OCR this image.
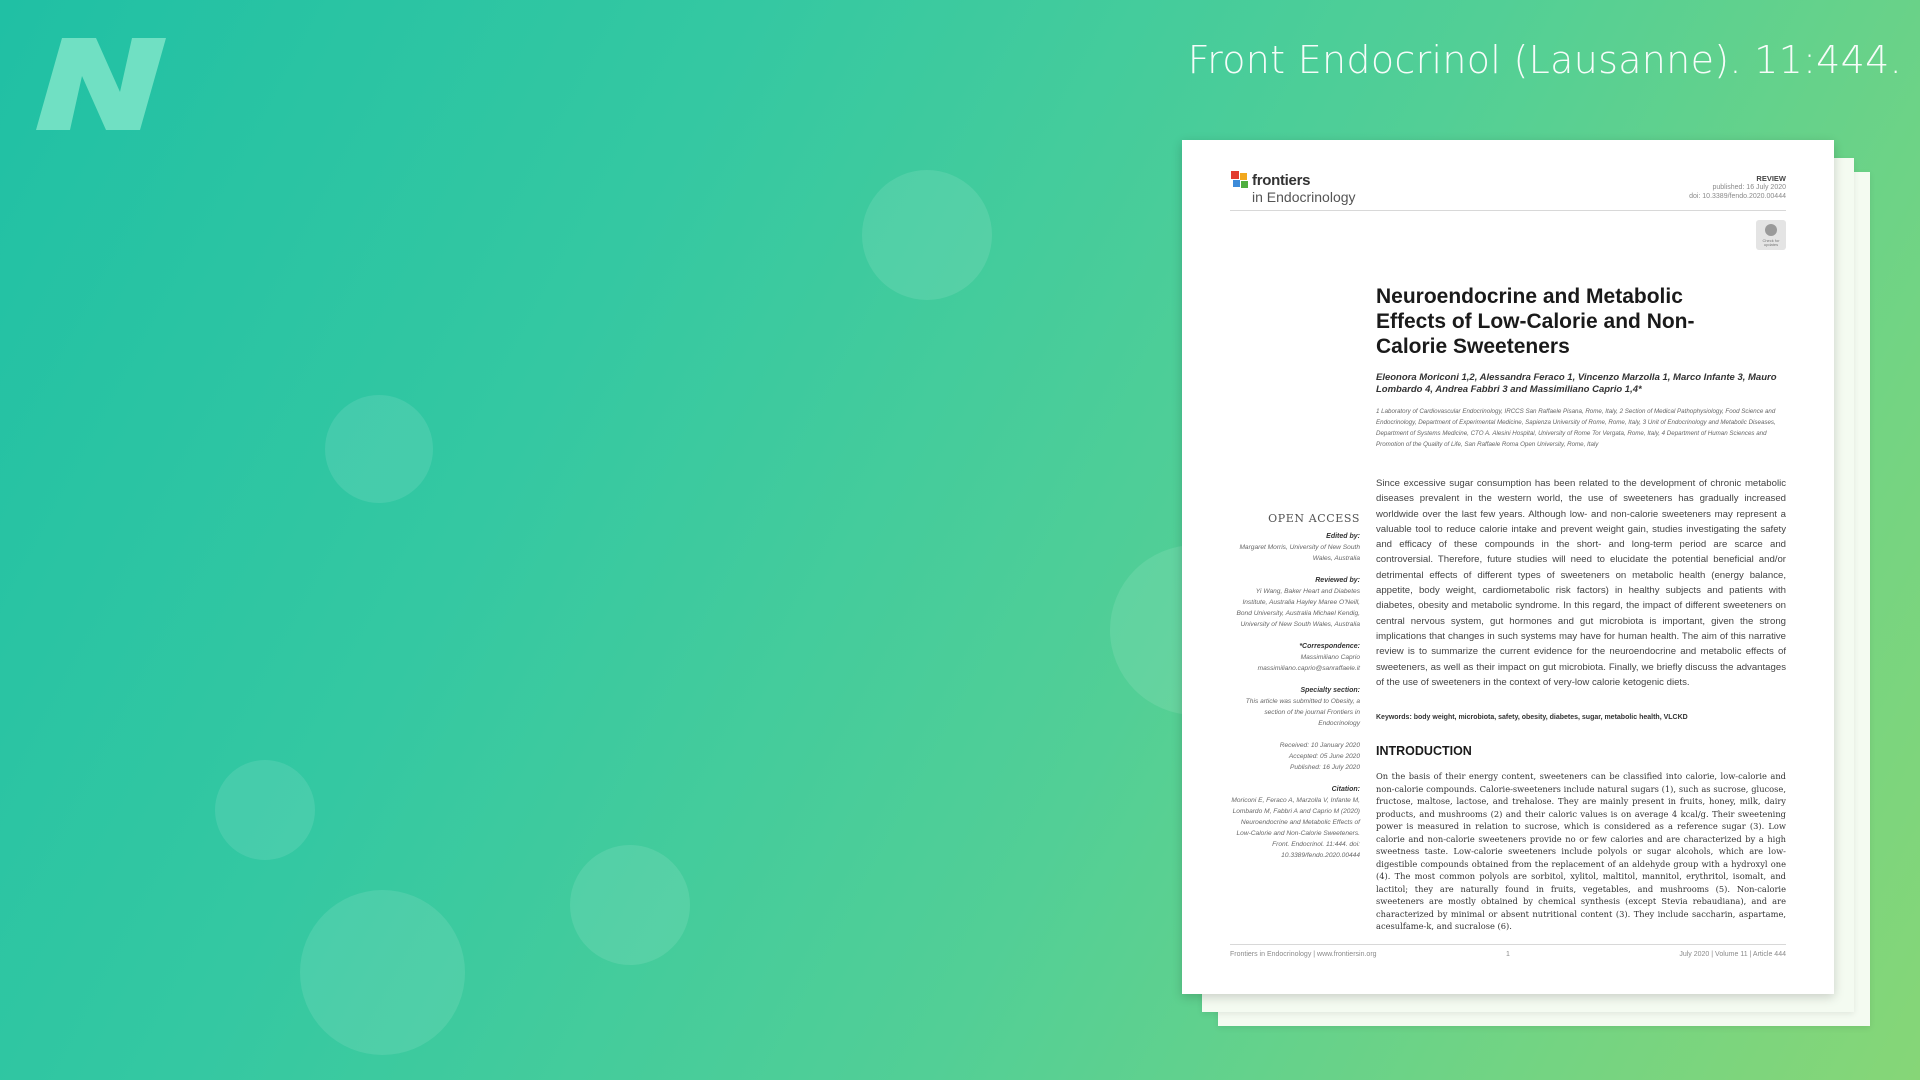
Front Endocrinol (Lausanne). 11:444.
frontiers
in Endocrinology
REVIEW
published: 16 July 2020
doi: 10.3389/fendo.2020.00444
Check for updates
Neuroendocrine and Metabolic Effects of Low-Calorie and Non-Calorie Sweeteners
Eleonora Moriconi 1,2, Alessandra Feraco 1, Vincenzo Marzolla 1, Marco Infante 3, Mauro Lombardo 4, Andrea Fabbri 3 and Massimiliano Caprio 1,4*
1 Laboratory of Cardiovascular Endocrinology, IRCCS San Raffaele Pisana, Rome, Italy, 2 Section of Medical Pathophysiology, Food Science and Endocrinology, Department of Experimental Medicine, Sapienza University of Rome, Rome, Italy, 3 Unit of Endocrinology and Metabolic Diseases, Department of Systems Medicine, CTO A. Alesini Hospital, University of Rome Tor Vergata, Rome, Italy, 4 Department of Human Sciences and Promotion of the Quality of Life, San Raffaele Roma Open University, Rome, Italy
Since excessive sugar consumption has been related to the development of chronic metabolic diseases prevalent in the western world, the use of sweeteners has gradually increased worldwide over the last few years. Although low- and non-calorie sweeteners may represent a valuable tool to reduce calorie intake and prevent weight gain, studies investigating the safety and efficacy of these compounds in the short- and long-term period are scarce and controversial. Therefore, future studies will need to elucidate the potential beneficial and/or detrimental effects of different types of sweeteners on metabolic health (energy balance, appetite, body weight, cardiometabolic risk factors) in healthy subjects and patients with diabetes, obesity and metabolic syndrome. In this regard, the impact of different sweeteners on central nervous system, gut hormones and gut microbiota is important, given the strong implications that changes in such systems may have for human health. The aim of this narrative review is to summarize the current evidence for the neuroendocrine and metabolic effects of sweeteners, as well as their impact on gut microbiota. Finally, we briefly discuss the advantages of the use of sweeteners in the context of very-low calorie ketogenic diets.
Keywords: body weight, microbiota, safety, obesity, diabetes, sugar, metabolic health, VLCKD
INTRODUCTION
On the basis of their energy content, sweeteners can be classified into calorie, low-calorie and non-calorie compounds. Calorie-sweeteners include natural sugars (1), such as sucrose, glucose, fructose, maltose, lactose, and trehalose. They are mainly present in fruits, honey, milk, dairy products, and mushrooms (2) and their caloric values is on average 4 kcal/g. Their sweetening power is measured in relation to sucrose, which is considered as a reference sugar (3). Low calorie and non-calorie sweeteners provide no or few calories and are characterized by a high sweetness taste. Low-calorie sweeteners include polyols or sugar alcohols, which are low-digestible compounds obtained from the replacement of an aldehyde group with a hydroxyl one (4). The most common polyols are sorbitol, xylitol, maltitol, mannitol, erythritol, isomalt, and lactitol; they are naturally found in fruits, vegetables, and mushrooms (5). Non-calorie sweeteners are mostly obtained by chemical synthesis (except Stevia rebaudiana), and are characterized by minimal or absent nutritional content (3). They include saccharin, aspartame, acesulfame-k, and sucralose (6).
OPEN ACCESS
Edited by:
Margaret Morris, University of New South Wales, Australia
Reviewed by:
Yi Wang, Baker Heart and Diabetes Institute, Australia Hayley Maree O'Neill, Bond University, Australia Michael Kendig, University of New South Wales, Australia
*Correspondence:
Massimiliano Caprio massimiliano.caprio@sanraffaele.it
Specialty section:
This article was submitted to Obesity, a section of the journal Frontiers in Endocrinology
Received: 10 January 2020
Accepted: 05 June 2020
Published: 16 July 2020
Citation:
Moriconi E, Feraco A, Marzolla V, Infante M, Lombardo M, Fabbri A and Caprio M (2020) Neuroendocrine and Metabolic Effects of Low-Calorie and Non-Calorie Sweeteners. Front. Endocrinol. 11:444. doi: 10.3389/fendo.2020.00444
Frontiers in Endocrinology | www.frontiersin.org	1	July 2020 | Volume 11 | Article 444
